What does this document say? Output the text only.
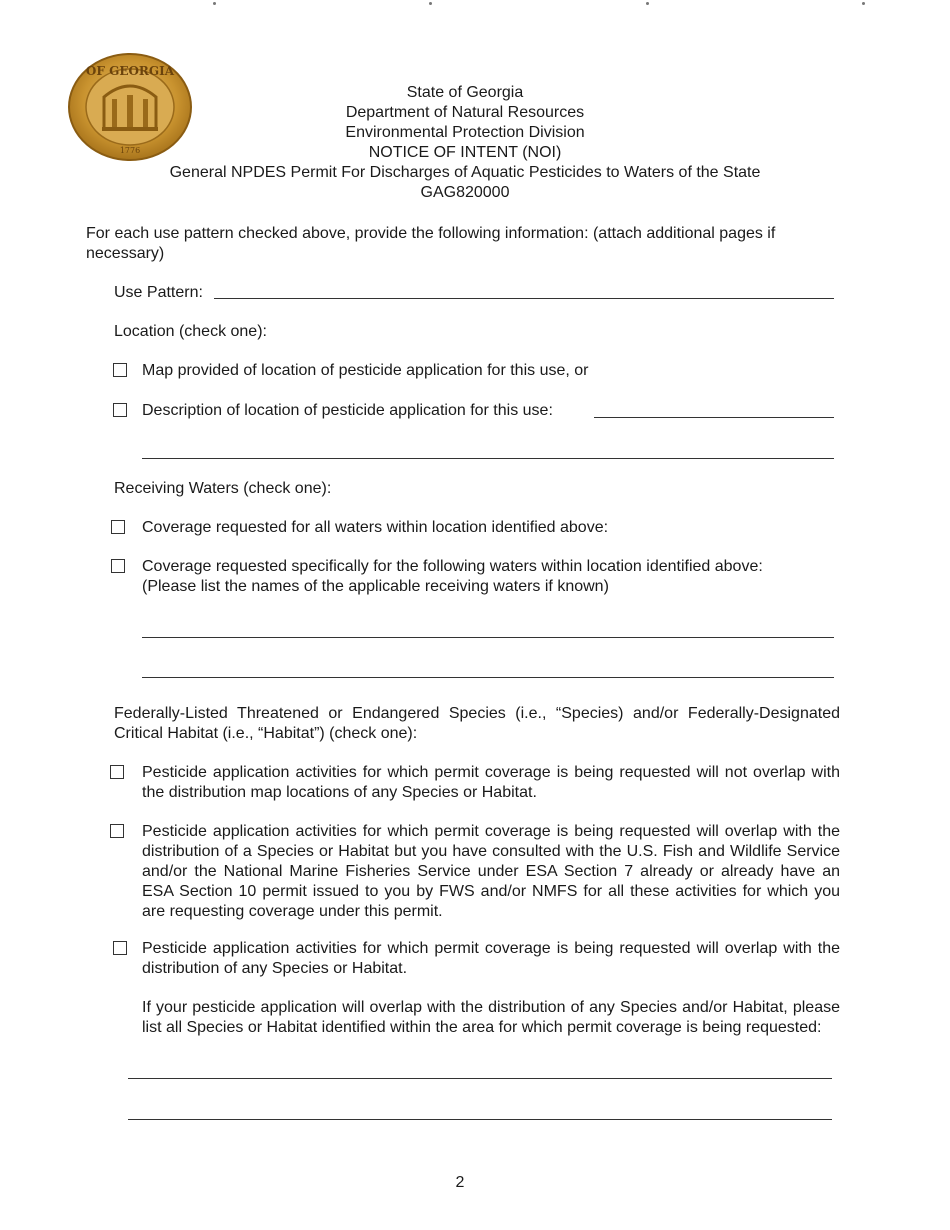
OF GEORGIA
1776
State of Georgia
Department of Natural Resources
Environmental Protection Division
NOTICE OF INTENT (NOI)
General NPDES Permit For Discharges of Aquatic Pesticides to Waters of the State
GAG820000
For each use pattern checked above, provide the following information: (attach additional pages if necessary)
Use Pattern:
Location (check one):
Map provided of location of pesticide application for this use, or
Description of location of pesticide application for this use:
Receiving Waters (check one):
Coverage requested for all waters within location identified above:
Coverage requested specifically for the following waters within location identified above:
(Please list the names of the applicable receiving waters if known)
Federally-Listed Threatened or Endangered Species (i.e., “Species) and/or Federally-Designated Critical Habitat (i.e., “Habitat”) (check one):
Pesticide application activities for which permit coverage is being requested will not overlap with the distribution map locations of any Species or Habitat.
Pesticide application activities for which permit coverage is being requested will overlap with the distribution of a Species or Habitat but you have consulted with the U.S. Fish and Wildlife Service and/or the National Marine Fisheries Service under ESA Section 7 already or already have an ESA Section 10 permit issued to you by FWS and/or NMFS for all these activities for which you are requesting coverage under this permit.
Pesticide application activities for which permit coverage is being requested will overlap with the distribution of any Species or Habitat.
If your pesticide application will overlap with the distribution of any Species and/or Habitat, please list all Species or Habitat identified within the area for which permit coverage is being requested:
2
